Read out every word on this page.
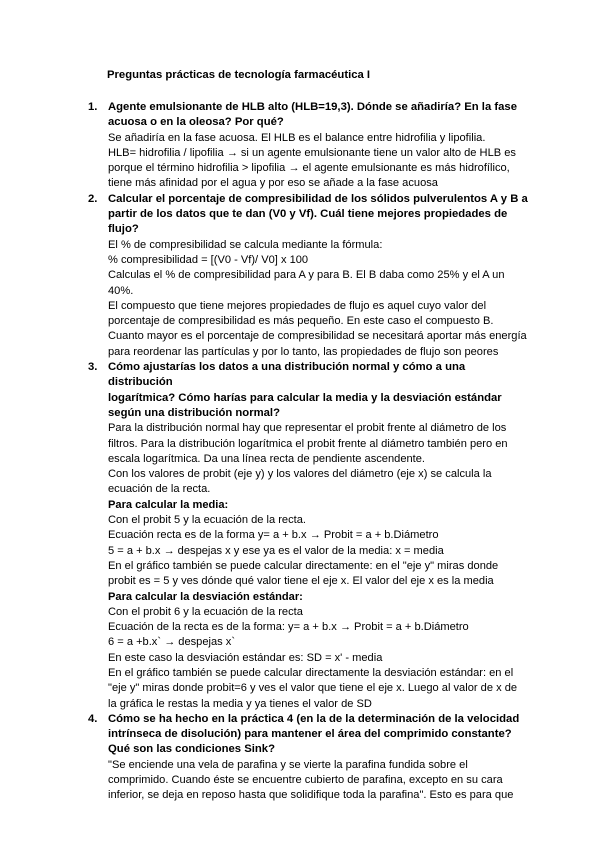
Preguntas prácticas de tecnología farmacéutica I
1. Agente emulsionante de HLB alto (HLB=19,3). Dónde se añadiría? En la fase
acuosa o en la oleosa? Por qué?
Se añadiría en la fase acuosa. El HLB es el balance entre hidrofilia y lipofilia.
HLB= hidrofilia / lipofilia → si un agente emulsionante tiene un valor alto de HLB es
porque el término hidrofilia > lipofilia → el agente emulsionante es más hidrofílico,
tiene más afinidad por el agua y por eso se añade a la fase acuosa
2. Calcular el porcentaje de compresibilidad de los sólidos pulverulentos A y B a
partir de los datos que te dan (V0 y Vf). Cuál tiene mejores propiedades de
flujo?
El % de compresibilidad se calcula mediante la fórmula:
% compresibilidad = [(V0 - Vf)/ V0] x 100
Calculas el % de compresibilidad para A y para B. El B daba como 25% y el A un
40%.
El compuesto que tiene mejores propiedades de flujo es aquel cuyo valor del
porcentaje de compresibilidad es más pequeño. En este caso el compuesto B.
Cuanto mayor es el porcentaje de compresibilidad se necesitará aportar más energía
para reordenar las partículas y por lo tanto, las propiedades de flujo son peores
3. Cómo ajustarías los datos a una distribución normal y cómo a una distribución
logarítmica? Cómo harías para calcular la media y la desviación estándar
según una distribución normal?
Para la distribución normal hay que representar el probit frente al diámetro de los
filtros. Para la distribución logarítmica el probit frente al diámetro también pero en
escala logarítmica. Da una línea recta de pendiente ascendente.
Con los valores de probit (eje y) y los valores del diámetro (eje x) se calcula la
ecuación de la recta.
Para calcular la media:
Con el probit 5 y la ecuación de la recta.
Ecuación recta es de la forma y= a + b.x → Probit = a + b.Diámetro
5 = a + b.x → despejas x y ese ya es el valor de la media: x = media
En el gráfico también se puede calcular directamente: en el "eje y" miras donde
probit es = 5 y ves dónde qué valor tiene el eje x. El valor del eje x es la media
Para calcular la desviación estándar:
Con el probit 6 y la ecuación de la recta
Ecuación de la recta es de la forma: y= a + b.x → Probit = a + b.Diámetro
6 = a +b.x` → despejas x`
En este caso la desviación estándar es: SD = x' - media
En el gráfico también se puede calcular directamente la desviación estándar: en el
"eje y" miras donde probit=6 y ves el valor que tiene el eje x. Luego al valor de x de
la gráfica le restas la media y ya tienes el valor de SD
4. Cómo se ha hecho en la práctica 4 (en la de la determinación de la velocidad
intrínseca de disolución) para mantener el área del comprimido constante?
Qué son las condiciones Sink?
"Se enciende una vela de parafina y se vierte la parafina fundida sobre el
comprimido. Cuando éste se encuentre cubierto de parafina, excepto en su cara
inferior, se deja en reposo hasta que solidifique toda la parafina". Esto es para que
